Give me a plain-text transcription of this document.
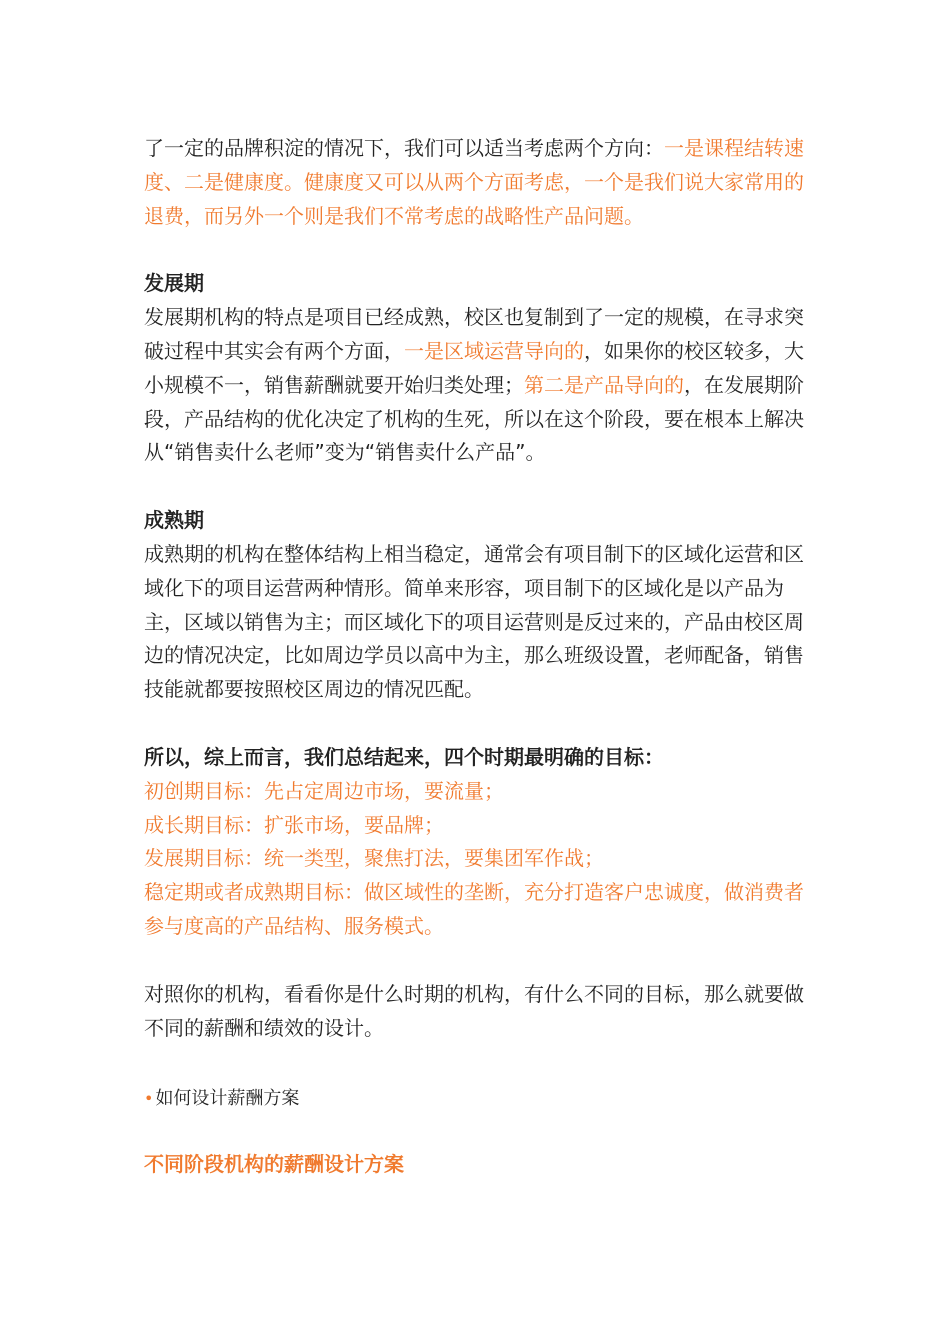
了一定的品牌积淀的情况下，我们可以适当考虑两个方向：一是课程结转速度、二是健康度。健康度又可以从两个方面考虑，一个是我们说大家常用的退费，而另外一个则是我们不常考虑的战略性产品问题。

发展期

发展期机构的特点是项目已经成熟，校区也复制到了一定的规模，在寻求突破过程中其实会有两个方面，一是区域运营导向的，如果你的校区较多，大小规模不一，销售薪酬就要开始归类处理；第二是产品导向的，在发展期阶段，产品结构的优化决定了机构的生死，所以在这个阶段，要在根本上解决从“销售卖什么老师”变为“销售卖什么产品”。

成熟期

成熟期的机构在整体结构上相当稳定，通常会有项目制下的区域化运营和区域化下的项目运营两种情形。简单来形容，项目制下的区域化是以产品为主，区域以销售为主；而区域化下的项目运营则是反过来的，产品由校区周边的情况决定，比如周边学员以高中为主，那么班级设置，老师配备，销售技能就都要按照校区周边的情况匹配。

所以，综上而言，我们总结起来，四个时期最明确的目标：

初创期目标：先占定周边市场，要流量；

成长期目标：扩张市场，要品牌；

发展期目标：统一类型，聚焦打法，要集团军作战；

稳定期或者成熟期目标：做区域性的垄断，充分打造客户忠诚度，做消费者参与度高的产品结构、服务模式。

对照你的机构，看看你是什么时期的机构，有什么不同的目标，那么就要做不同的薪酬和绩效的设计。

• 如何设计薪酬方案

不同阶段机构的薪酬设计方案
